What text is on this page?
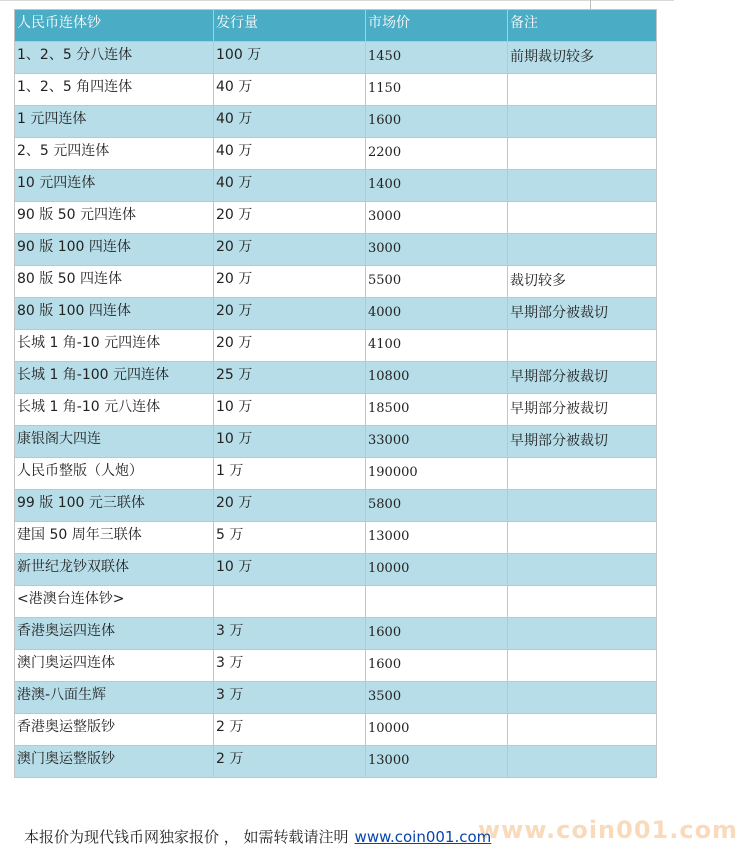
人民币连体钞	发行量	市场价	备注
1、2、5 分八连体	100 万	1450	前期裁切较多
1、2、5 角四连体	40 万	1150	
1 元四连体	40 万	1600	
2、5 元四连体	40 万	2200	
10 元四连体	40 万	1400	
90 版 50 元四连体	20 万	3000	
90 版 100 四连体	20 万	3000	
80 版 50 四连体	20 万	5500	裁切较多
80 版 100 四连体	20 万	4000	早期部分被裁切
长城 1 角-10 元四连体	20 万	4100	
长城 1 角-100 元四连体	25 万	10800	早期部分被裁切
长城 1 角-10 元八连体	10 万	18500	早期部分被裁切
康银阁大四连	10 万	33000	早期部分被裁切
人民币整版（人炮）	1 万	190000	
99 版 100 元三联体	20 万	5800	
建国 50 周年三联体	5 万	13000	
新世纪龙钞双联体	10 万	10000	
<港澳台连体钞>			
香港奥运四连体	3 万	1600	
澳门奥运四连体	3 万	1600	
港澳-八面生辉	3 万	3500	
香港奥运整版钞	2 万	10000	
澳门奥运整版钞	2 万	13000	
www.coin001.com
本报价为现代钱币网独家报价 ， 如需转载请注明 www.coin001.com
